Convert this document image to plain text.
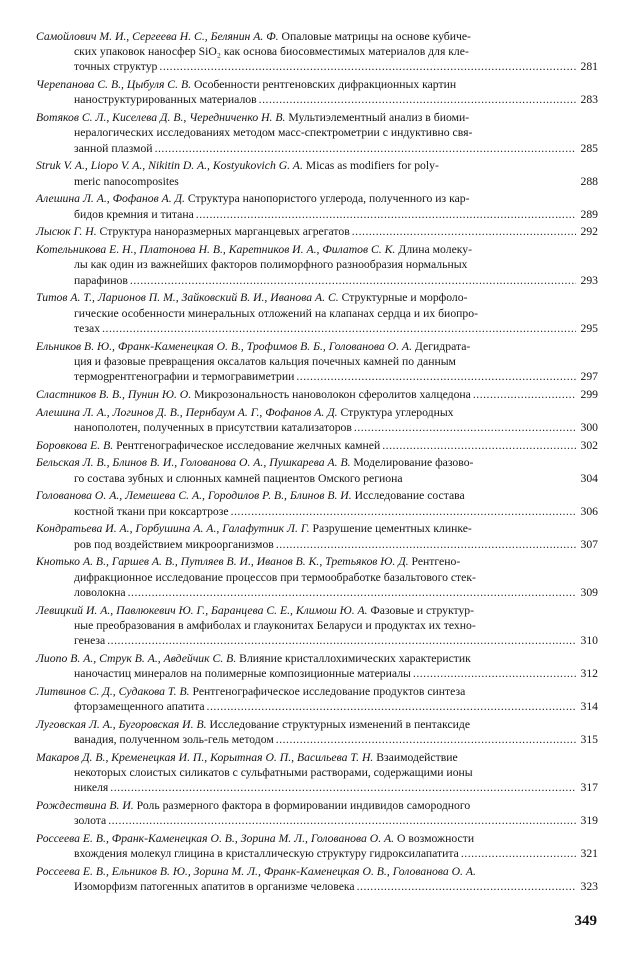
Самойлович М. И., Сергеева Н. С., Белянин А. Ф.
Опаловые матрицы на основе кубиче-
ских упаковок наносфер SiO₂ как основа биосовместимых материалов для кле-
точных структур .....	281
Черепанова С. В., Цыбуля С. В.
Особенности рентгеновских дифракционных картин
наноструктурированных материалов .....	283
Вотяков С. Л., Киселева Д. В., Чередниченко Н. В.
Мультиэлементный анализ в биоми-
нералогических исследованиях методом масс-спектрометрии с индуктивно свя-
занной плазмой .....	285
Struk V. A., Liopo V. A., Nikitin D. A., Kostyukovich G. A.
Micas as modifiers for poly-
meric nanocomposites	288
Алешина Л. А., Фофанов А. Д.
Структура нанопористого углерода, полученного из кар-
бидов кремния и титана .....	289
Лысюк Г. Н.
Структура наноразмерных марганцевых агрегатов .....	292
Котельникова Е. Н., Платонова Н. В., Каретников И. А., Филатов С. К.
Длина молеку-
лы как один из важнейших факторов полиморфного разнообразия нормальных
парафинов .....	293
Титов А. Т., Ларионов П. М., Зайковский В. И., Иванова А. С.
Структурные и морфоло-
гические особенности минеральных отложений на клапанах сердца и их биопро-
тезах .....	295
Ельников В. Ю., Франк-Каменецкая О. В., Трофимов В. Б., Голованова О. А.
Дегидрата-
ция и фазовые превращения оксалатов кальция почечных камней по данным
термоgрентгенографии и термогравиметрии .....	297
Сластников В. В., Пунин Ю. О.
Микрозональность нановолокон сферолитов халцедона .....	299
Алешина Л. А., Логинов Д. В., Пернбаум А. Г., Фофанов А. Д.
Структура углеродных
нанополотен, полученных в присутствии катализаторов .....	300
Боровкова Е. В.
Рентгенографическое исследование желчных камней .....	302
Бельская Л. В., Блинов В. И., Голованова О. А., Пушкарева А. В.
Моделирование фазово-
го состава зубных и слюнных камней пациентов Омского региона	304
Голованова О. А., Лемешева С. А., Городилов Р. В., Блинов В. И.
Исследование состава
костной ткани при коксартрозе .....	306
Кондратьева И. А., Горбушина А. А., Галафутник Л. Г.
Разрушение цементных клинке-
ров под воздействием микроорганизмов .....	307
Кнотько А. В., Гаршев А. В., Путляев В. И., Иванов В. К., Третьяков Ю. Д.
Рентгено-
дифракционное исследование процессов при термообработке базальтового стек-
ловолокна .....	309
Левицкий И. А., Павлюкевич Ю. Г., Баранцева С. Е., Климош Ю. А.
Фазовые и структур-
ные преобразования в амфиболах и глауконитах Беларуси и продуктах их техно-
генеза .....	310
Лиопо В. А., Струк В. А., Авдейчик С. В.
Влияние кристаллохимических характеристик
наночастиц минералов на полимерные композиционные материалы .....	312
Литвинов С. Д., Судакова Т. В.
Рентгенографическое исследование продуктов синтеза
фторзамещенного апатита .....	314
Луговская Л. А., Бугоровская И. В.
Исследование структурных изменений в пентаксиде
ванадия, полученном золь-гель методом .....	315
Макаров Д. В., Кременецкая И. П., Корытная О. П., Васильева Т. Н.
Взаимодействие
некоторых слоистых силикатов с сульфатными растворами, содержащими ионы
никеля .....	317
Рождествина В. И.
Роль размерного фактора в формировании индивидов самородного
золота .....	319
Россеева Е. В., Франк-Каменецкая О. В., Зорина М. Л., Голованова О. А.
О возможности
вхождения молекул глицина в кристаллическую структуру гидроксилапатита .....	321
Россеева Е. В., Ельников В. Ю., Зорина М. Л., Франк-Каменецкая О. В., Голованова О. А.
Изоморфизм патогенных апатитов в организме человека .....	323
349
